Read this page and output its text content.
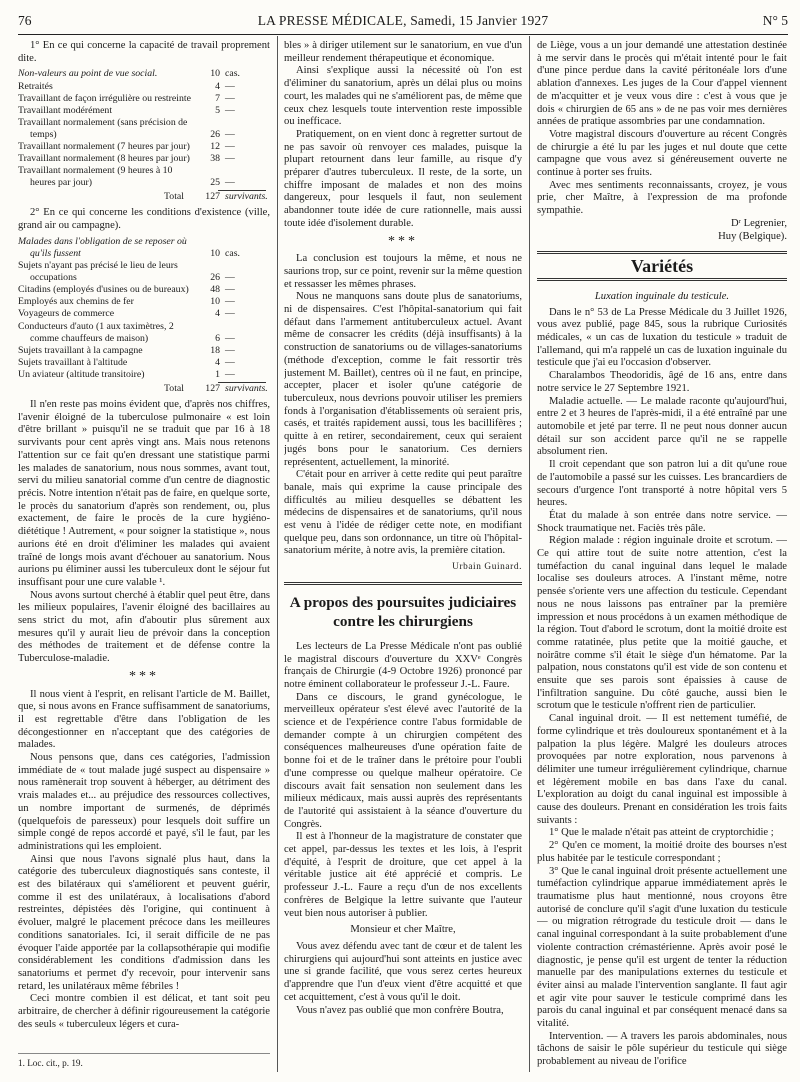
76	LA PRESSE MÉDICALE, Samedi, 15 Janvier 1927	N° 5

1° En ce qui concerne la capacité de travail proprement dite.

Non-valeurs au point de vue social.	10 cas.
Retraités	4 —
Travaillant de façon irrégulière ou restreinte	7 —
Travaillant modérément	5 —
Travaillant normalement (sans précision de temps)	26 —
Travaillant normalement (7 heures par jour)	12 —
Travaillant normalement (8 heures par jour)	38 —
Travaillant normalement (9 heures à 10 heures par jour)	25 —
Total	127 survivants.

2° En ce qui concerne les conditions d'existence (ville, grand air ou campagne).

Malades dans l'obligation de se reposer où qu'ils fussent	10 cas.
Sujets n'ayant pas précisé le lieu de leurs occupations	26 —
Citadins (employés d'usines ou de bureaux)	48 —
Employés aux chemins de fer	10 —
Voyageurs de commerce	4 —
Conducteurs d'auto (1 aux taximètres, 2 comme chauffeurs de maison)	6 —
Sujets travaillant à la campagne	18 —
Sujets travaillant à l'altitude	4 —
Un aviateur (altitude transitoire)	1 —
Total	127 survivants.

Il n'en reste pas moins évident que, d'après nos chiffres, l'avenir éloigné de la tuberculose pulmonaire « est loin d'être brillant » puisqu'il ne se traduit que par 16 à 18 survivants pour cent après vingt ans. Mais nous retenons l'attention sur ce fait qu'en dressant une statistique parmi les malades de sanatorium, nous nous sommes, avant tout, servi du milieu sanatorial comme d'un centre de diagnostic précis. Notre intention n'était pas de faire, en quelque sorte, le procès du sanatorium d'après son rendement, ou, plus exactement, de faire le procès de la cure hygiéno-diététique ! Autrement, « pour soigner la statistique », nous aurions été en droit d'éliminer les malades qui avaient traîné de longs mois avant d'échouer au sanatorium. Nous aurions pu éliminer aussi les tuberculeux dont le séjour fut insuffisant pour une cure valable ¹.

Nous avons surtout cherché à établir quel peut être, dans les milieux populaires, l'avenir éloigné des bacillaires au sens strict du mot, afin d'aboutir plus sûrement aux mesures qu'il y aurait lieu de prévoir dans la conception des méthodes de traitement et de défense contre la Tuberculose-maladie.

***

Il nous vient à l'esprit, en relisant l'article de M. Baillet, que, si nous avons en France suffisamment de sanatoriums, il est regrettable d'être dans l'obligation de les décongestionner en n'acceptant que des catégories de malades.

Nous pensons que, dans ces catégories, l'admission immédiate de « tout malade jugé suspect au dispensaire » nous ramènerait trop souvent à héberger, au détriment des vrais malades et... au préjudice des ressources collectives, un nombre important de surmenés, de déprimés (quelquefois de paresseux) pour lesquels doit suffire un simple congé de repos accordé et payé, s'il le faut, par les administrations qui les emploient.

Ainsi que nous l'avons signalé plus haut, dans la catégorie des tuberculeux diagnostiqués sans conteste, il est des bilatéraux qui s'améliorent et peuvent guérir, comme il est des unilatéraux, à localisations d'abord restreintes, dépistées dès l'origine, qui continuent à évoluer, malgré le placement précoce dans les meilleures conditions sanatoriales. Ici, il serait difficile de ne pas évoquer l'aide apportée par la collapsothérapie qui modifie considérablement les conditions d'admission dans les sanatoriums et permet d'y recevoir, pour intervenir sans retard, les unilatéraux même fébriles !

Ceci montre combien il est délicat, et tant soit peu arbitraire, de chercher à définir rigoureusement la catégorie des seuls « tuberculeux légers et cura-

1. Loc. cit., p. 19.

bles » à diriger utilement sur le sanatorium, en vue d'un meilleur rendement thérapeutique et économique.

Ainsi s'explique aussi la nécessité où l'on est d'éliminer du sanatorium, après un délai plus ou moins court, les malades qui ne s'améliorent pas, de même que ceux chez lesquels toute intervention reste impossible ou inefficace.

Pratiquement, on en vient donc à regretter surtout de ne pas savoir où renvoyer ces malades, puisque la plupart retournent dans leur famille, au risque d'y préparer d'autres tuberculeux. Il reste, de la sorte, un chiffre imposant de malades et non des moins dangereux, pour lesquels il faut, non seulement abandonner toute idée de cure rationnelle, mais aussi toute idée d'isolement durable.

***

La conclusion est toujours la même, et nous ne saurions trop, sur ce point, revenir sur la même question et ressasser les mêmes phrases.

Nous ne manquons sans doute plus de sanatoriums, ni de dispensaires. C'est l'hôpital-sanatorium qui fait défaut dans l'armement antituberculeux actuel. Avant même de consacrer les crédits (déjà insuffisants) à la construction de sanatoriums ou de villages-sanatoriums (méthode d'exception, comme le fait ressortir très justement M. Baillet), centres où il ne faut, en principe, accepter, placer et isoler qu'une catégorie de tuberculeux, nous devrions pouvoir utiliser les premiers fonds à l'organisation d'établissements où seraient pris, casés, et traités rapidement aussi, tous les bacillifères ; quitte à en retirer, secondairement, ceux qui seraient jugés bons pour le sanatorium. Ces derniers représentent, actuellement, la minorité.

C'était pour en arriver à cette redite qui peut paraître banale, mais qui exprime la cause principale des difficultés au milieu desquelles se débattent les médecins de dispensaires et de sanatoriums, qu'il nous est venu à l'idée de rédiger cette note, en modifiant quelque peu, dans son ordonnance, un titre où l'hôpital-sanatorium mérite, à notre avis, la première citation.

Urbain Guinard.
A propos des poursuites judiciaires contre les chirurgiens

Les lecteurs de La Presse Médicale n'ont pas oublié le magistral discours d'ouverture du XXVᵉ Congrès français de Chirurgie (4-9 Octobre 1926) prononcé par notre éminent collaborateur le professeur J.-L. Faure.

Dans ce discours, le grand gynécologue, le merveilleux opérateur s'est élevé avec l'autorité de la science et de l'expérience contre l'abus formidable de demander compte à un chirurgien compétent des conséquences malheureuses d'une opération faite de bonne foi et de le traîner dans le prétoire pour l'oubli d'une compresse ou quelque malheur opératoire. Ce discours avait fait sensation non seulement dans les milieux médicaux, mais aussi auprès des représentants de l'autorité qui assistaient à la séance d'ouverture du Congrès.

Il est à l'honneur de la magistrature de constater que cet appel, par-dessus les textes et les lois, à l'esprit d'équité, à l'esprit de droiture, que cet appel à la véritable justice ait été apprécié et compris. Le professeur J.-L. Faure a reçu d'un de nos excellents confrères de Belgique la lettre suivante que l'auteur veut bien nous autoriser à publier.

Monsieur et cher Maître,

Vous avez défendu avec tant de cœur et de talent les chirurgiens qui aujourd'hui sont atteints en justice avec une si grande facilité, que vous serez certes heureux d'apprendre que l'un d'eux vient d'être acquitté et que cet acquittement, c'est à vous qu'il le doit.

Vous n'avez pas oublié que mon confrère Boutra,

de Liège, vous a un jour demandé une attestation destinée à me servir dans le procès qui m'était intenté pour le fait d'une pince perdue dans la cavité péritonéale lors d'une ablation d'annexes. Les juges de la Cour d'appel viennent de m'acquitter et je veux vous dire : c'est à vous que je dois « chirurgien de 65 ans » de ne pas voir mes dernières années de pratique assombries par une condamnation.

Votre magistral discours d'ouverture au récent Congrès de chirurgie a été lu par les juges et nul doute que cette campagne que vous avez si généreusement ouverte ne continue à porter ses fruits.

Avec mes sentiments reconnaissants, croyez, je vous prie, cher Maître, à l'expression de ma profonde sympathie.

Dʳ Legrenier,

Huy (Belgique).

Variétés
Luxation inguinale du testicule.

Dans le n° 53 de La Presse Médicale du 3 Juillet 1926, vous avez publié, page 845, sous la rubrique Curiosités médicales, « un cas de luxation du testicule » traduit de l'allemand, qui m'a rappelé un cas de luxation inguinale du testicule que j'ai eu l'occasion d'observer.

Charalambos Theodoridis, âgé de 16 ans, entre dans notre service le 27 Septembre 1921.

Maladie actuelle. — Le malade raconte qu'aujourd'hui, entre 2 et 3 heures de l'après-midi, il a été entraîné par une automobile et jeté par terre. Il ne peut nous donner aucun détail sur son accident parce qu'il ne se rappelle absolument rien.

Il croit cependant que son patron lui a dit qu'une roue de l'automobile a passé sur les cuisses. Les brancardiers de secours d'urgence l'ont transporté à notre hôpital vers 5 heures.

État du malade à son entrée dans notre service. — Shock traumatique net. Faciès très pâle.

Région malade : région inguinale droite et scrotum. — Ce qui attire tout de suite notre attention, c'est la tuméfaction du canal inguinal dans lequel le malade localise ses douleurs atroces. A l'instant même, notre pensée s'oriente vers une affection du testicule. Cependant nous ne nous laissons pas entraîner par la première impression et nous procédons à un examen méthodique de la région. Tout d'abord le scrotum, dont la moitié droite est comme ratatinée, plus petite que la moitié gauche, et noirâtre comme s'il était le siège d'un hématome. Par la palpation, nous constatons qu'il est vide de son contenu et ensuite que ses parois sont épaissies à cause de l'infiltration sanguine. Du côté gauche, aussi bien le scrotum que le testicule n'offrent rien de particulier.

Canal inguinal droit. — Il est nettement tuméfié, de forme cylindrique et très douloureux spontanément et à la palpation la plus légère. Malgré les douleurs atroces provoquées par notre exploration, nous parvenons à délimiter une tumeur irrégulièrement cylindrique, charnue et légèrement mobile en bas dans l'axe du canal. L'exploration au doigt du canal inguinal est impossible à cause des douleurs. Prenant en considération les trois faits suivants :

1° Que le malade n'était pas atteint de cryptorchidie ;

2° Qu'en ce moment, la moitié droite des bourses n'est plus habitée par le testicule correspondant ;

3° Que le canal inguinal droit présente actuellement une tuméfaction cylindrique apparue immédiatement après le traumatisme plus haut mentionné, nous croyons être autorisé de conclure qu'il s'agit d'une luxation du testicule — ou migration rétrograde du testicule droit — dans le canal inguinal correspondant à la suite probablement d'une violente contraction crémastérienne. Après avoir posé le diagnostic, je pense qu'il est urgent de tenter la réduction manuelle par des manipulations externes du testicule et éviter ainsi au malade l'intervention sanglante. Il faut agir et agir vite pour sauver le testicule comprimé dans les parois du canal inguinal et par conséquent menacé dans sa vitalité.

Intervention. — A travers les parois abdominales, nous tâchons de saisir le pôle supérieur du testicule qui siège probablement au niveau de l'orifice
